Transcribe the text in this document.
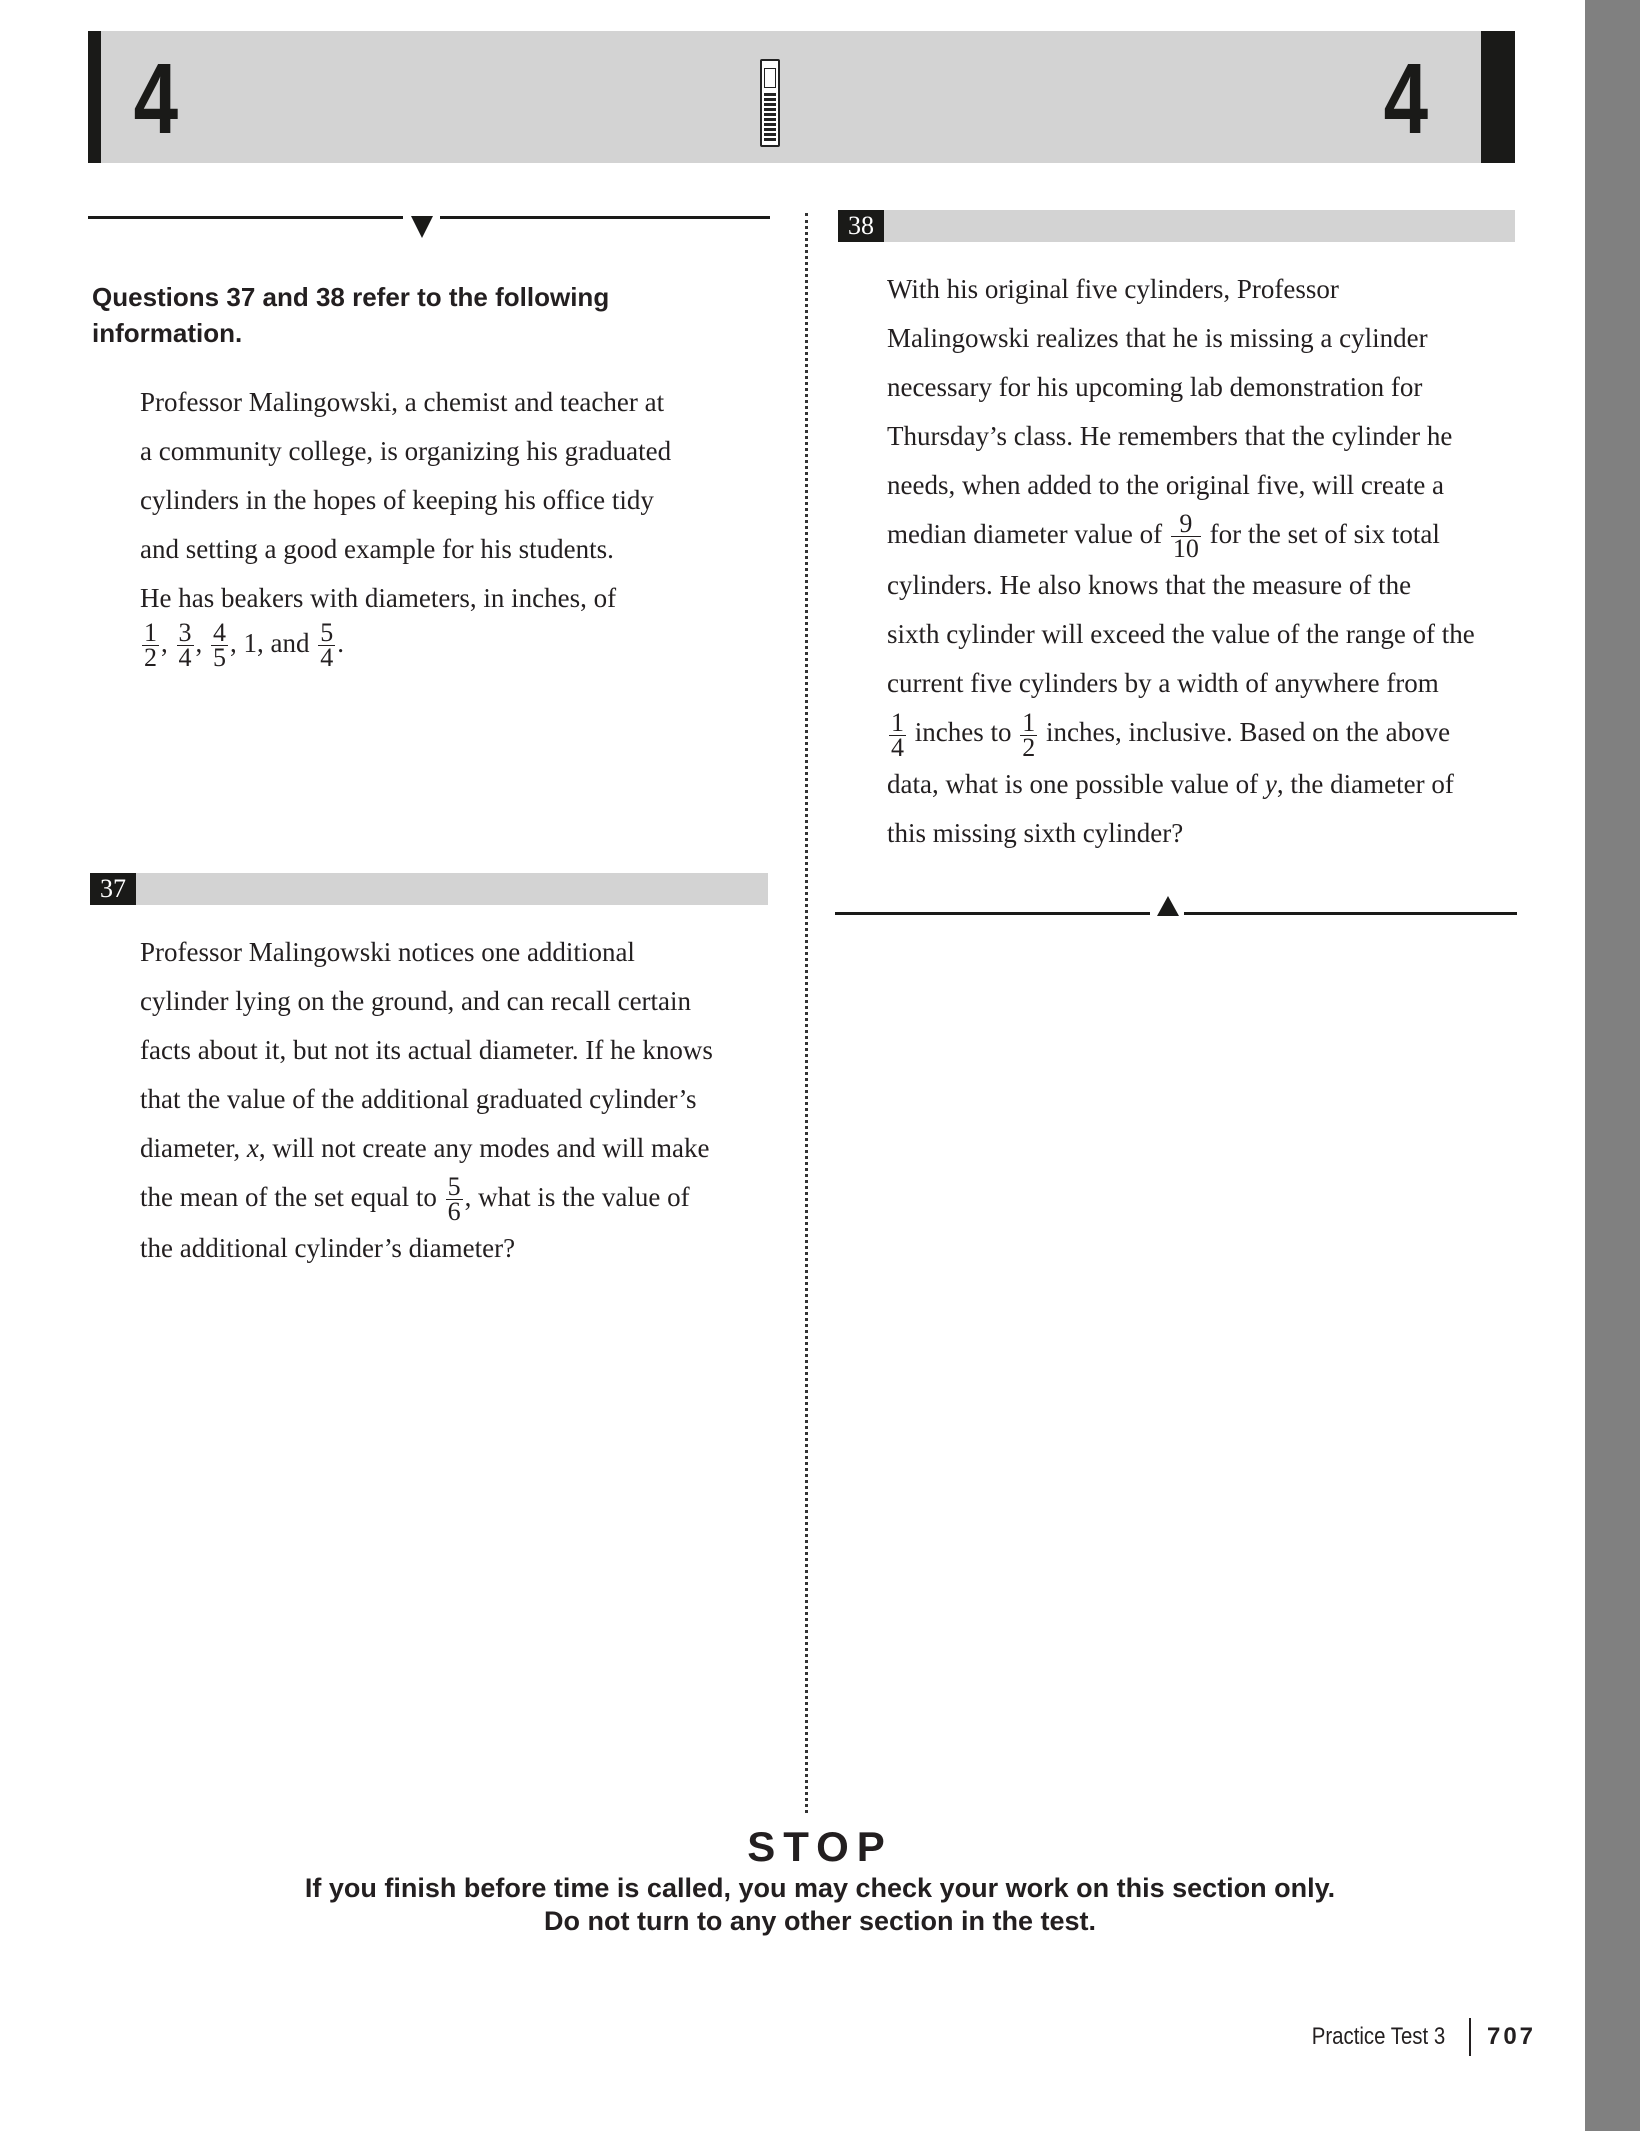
4	4
Questions 37 and 38 refer to the following information.
Professor Malingowski, a chemist and teacher at
a community college, is organizing his graduated
cylinders in the hopes of keeping his office tidy
and setting a good example for his students.
He has beakers with diameters, in inches, of
$\frac{1}{2}$ , $\frac{3}{4}$ , $\frac{4}{5}$ , 1, and $\frac{5}{4}$ .
37
Professor Malingowski notices one additional
cylinder lying on the ground, and can recall certain
facts about it, but not its actual diameter. If he knows
that the value of the additional graduated cylinder’s
diameter, x, will not create any modes and will make
the mean of the set equal to $\frac{5}{6}$ , what is the value of
the additional cylinder’s diameter?
38
With his original five cylinders, Professor
Malingowski realizes that he is missing a cylinder
necessary for his upcoming lab demonstration for
Thursday’s class. He remembers that the cylinder he
needs, when added to the original five, will create a
median diameter value of $\frac{9}{10}$ for the set of six total
cylinders. He also knows that the measure of the
sixth cylinder will exceed the value of the range of the
current five cylinders by a width of anywhere from
$\frac{1}{4}$ inches to $\frac{1}{2}$ inches, inclusive. Based on the above
data, what is one possible value of y, the diameter of
this missing sixth cylinder?
STOP
If you finish before time is called, you may check your work on this section only.
Do not turn to any other section in the test.
Practice Test 3 707
